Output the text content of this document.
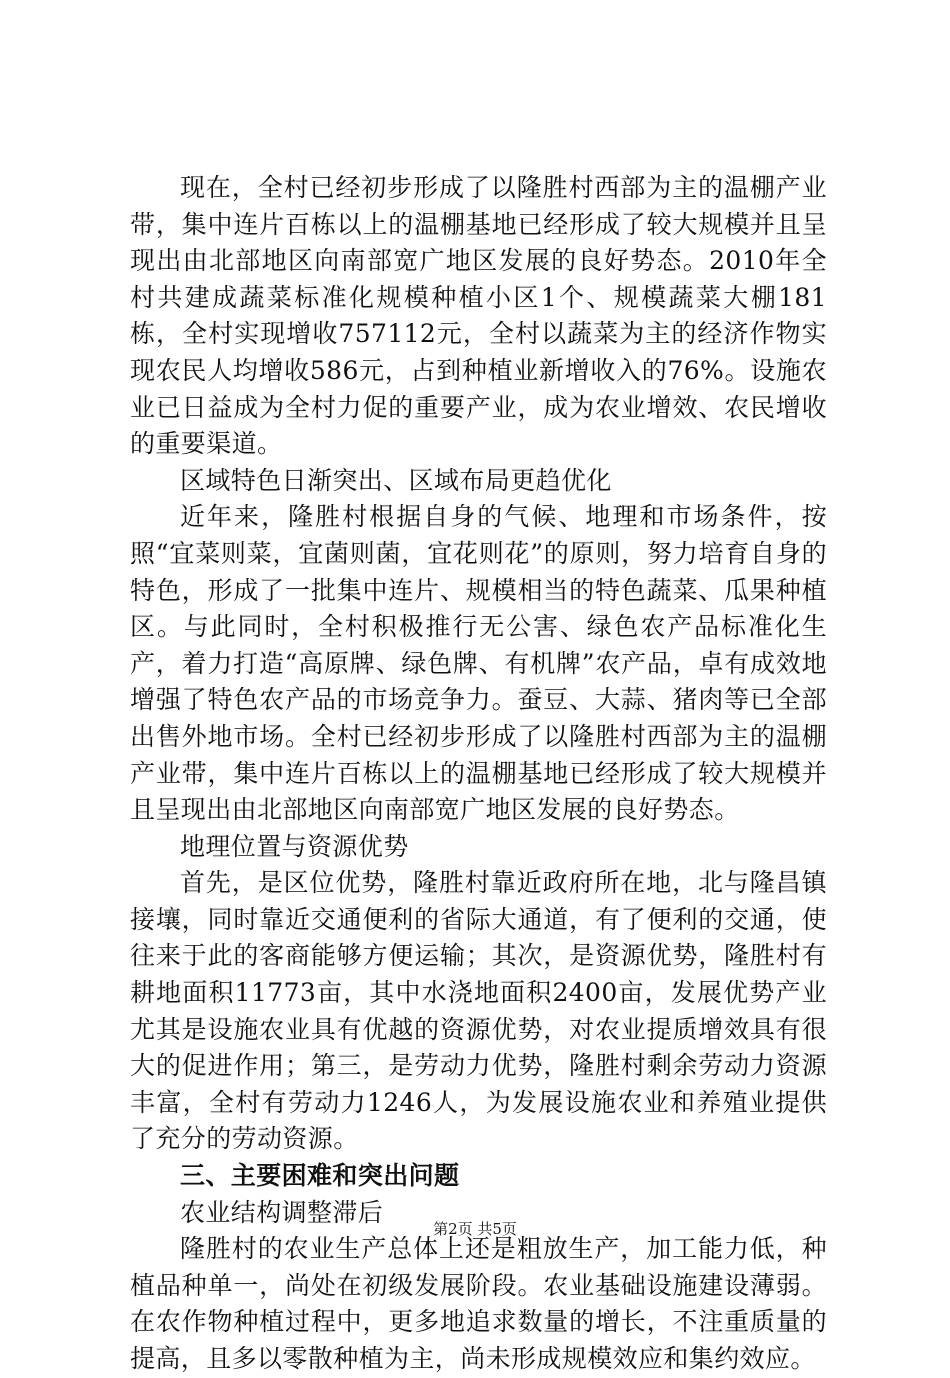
现在，全村已经初步形成了以隆胜村西部为主的温棚产业带，集中连片百栋以上的温棚基地已经形成了较大规模并且呈现出由北部地区向南部宽广地区发展的良好势态。2010年全村共建成蔬菜标准化规模种植小区1个、规模蔬菜大棚181栋，全村实现增收757112元，全村以蔬菜为主的经济作物实现农民人均增收586元，占到种植业新增收入的76%。设施农业已日益成为全村力促的重要产业，成为农业增效、农民增收的重要渠道。

区域特色日渐突出、区域布局更趋优化

近年来，隆胜村根据自身的气候、地理和市场条件，按照“宜菜则菜，宜菌则菌，宜花则花”的原则，努力培育自身的特色，形成了一批集中连片、规模相当的特色蔬菜、瓜果种植区。与此同时，全村积极推行无公害、绿色农产品标准化生产，着力打造“高原牌、绿色牌、有机牌”农产品，卓有成效地增强了特色农产品的市场竞争力。蚕豆、大蒜、猪肉等已全部出售外地市场。全村已经初步形成了以隆胜村西部为主的温棚产业带，集中连片百栋以上的温棚基地已经形成了较大规模并且呈现出由北部地区向南部宽广地区发展的良好势态。

地理位置与资源优势

首先，是区位优势，隆胜村靠近政府所在地，北与隆昌镇接壤，同时靠近交通便利的省际大通道，有了便利的交通，使往来于此的客商能够方便运输；其次，是资源优势，隆胜村有耕地面积11773亩，其中水浇地面积2400亩，发展优势产业尤其是设施农业具有优越的资源优势，对农业提质增效具有很大的促进作用；第三，是劳动力优势，隆胜村剩余劳动力资源丰富，全村有劳动力1246人，为发展设施农业和养殖业提供了充分的劳动资源。

三、主要困难和突出问题

农业结构调整滞后

隆胜村的农业生产总体上还是粗放生产，加工能力低，种植品种单一，尚处在初级发展阶段。农业基础设施建设薄弱。在农作物种植过程中，更多地追求数量的增长，不注重质量的提高，且多以零散种植为主，尚未形成规模效应和集约效应。

第2页 共5页
